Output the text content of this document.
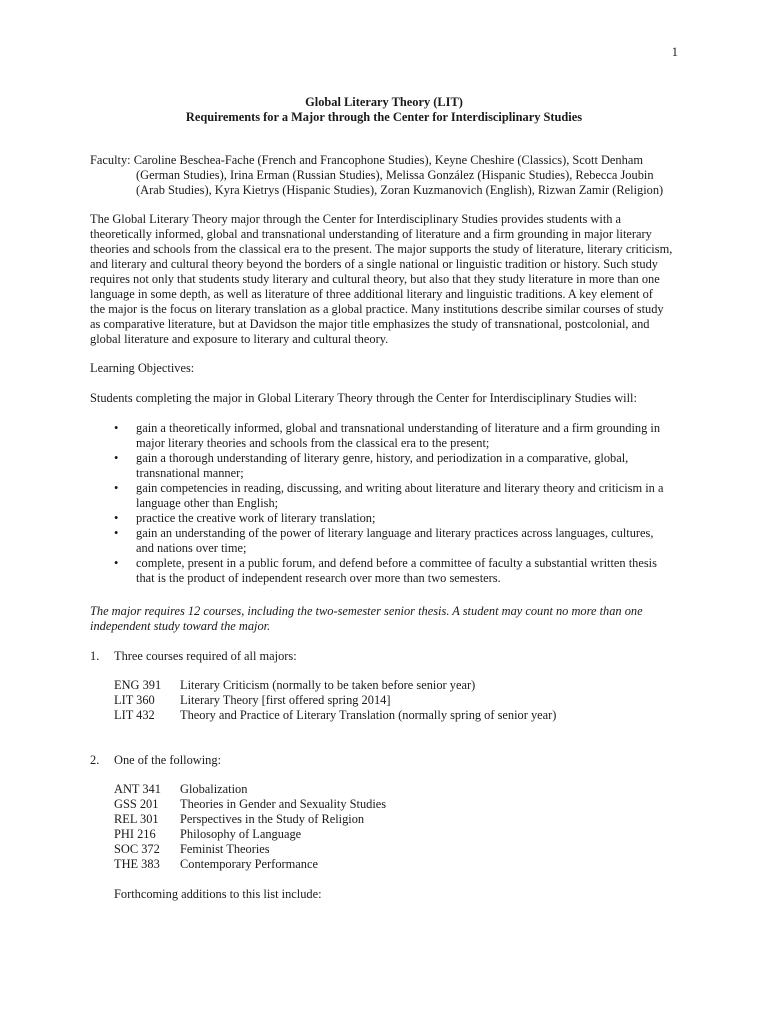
1
Global Literary Theory (LIT)
Requirements for a Major through the Center for Interdisciplinary Studies
Faculty: Caroline Beschea-Fache (French and Francophone Studies), Keyne Cheshire (Classics), Scott Denham
(German Studies), Irina Erman (Russian Studies), Melissa González (Hispanic Studies), Rebecca Joubin
(Arab Studies), Kyra Kietrys (Hispanic Studies), Zoran Kuzmanovich (English), Rizwan Zamir (Religion)
The Global Literary Theory major through the Center for Interdisciplinary Studies provides students with a
theoretically informed, global and transnational understanding of literature and a firm grounding in major literary
theories and schools from the classical era to the present. The major supports the study of literature, literary criticism,
and literary and cultural theory beyond the borders of a single national or linguistic tradition or history. Such study
requires not only that students study literary and cultural theory, but also that they study literature in more than one
language in some depth, as well as literature of three additional literary and linguistic traditions. A key element of
the major is the focus on literary translation as a global practice. Many institutions describe similar courses of study
as comparative literature, but at Davidson the major title emphasizes the study of transnational, postcolonial, and
global literature and exposure to literary and cultural theory.
Learning Objectives:
Students completing the major in Global Literary Theory through the Center for Interdisciplinary Studies will:
• gain a theoretically informed, global and transnational understanding of literature and a firm grounding in
major literary theories and schools from the classical era to the present;
• gain a thorough understanding of literary genre, history, and periodization in a comparative, global,
transnational manner;
• gain competencies in reading, discussing, and writing about literature and literary theory and criticism in a
language other than English;
• practice the creative work of literary translation;
• gain an understanding of the power of literary language and literary practices across languages, cultures,
and nations over time;
• complete, present in a public forum, and defend before a committee of faculty a substantial written thesis
that is the product of independent research over more than two semesters.
The major requires 12 courses, including the two-semester senior thesis. A student may count no more than one
independent study toward the major.
1. Three courses required of all majors:
ENG 391 Literary Criticism (normally to be taken before senior year)
LIT 360 Literary Theory [first offered spring 2014]
LIT 432 Theory and Practice of Literary Translation (normally spring of senior year)
2. One of the following:
ANT 341 Globalization
GSS 201 Theories in Gender and Sexuality Studies
REL 301 Perspectives in the Study of Religion
PHI 216 Philosophy of Language
SOC 372 Feminist Theories
THE 383 Contemporary Performance
Forthcoming additions to this list include:
